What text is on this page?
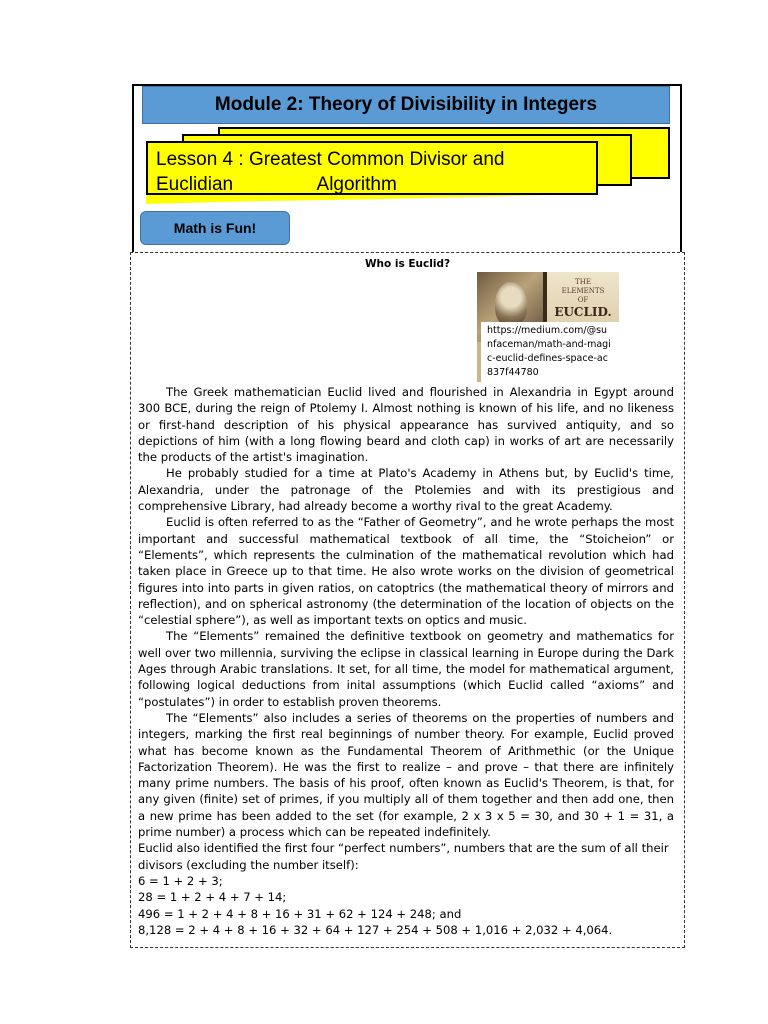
Module 2: Theory of Divisibility in Integers
Lesson 4 : Greatest Common Divisor and
Euclidian                Algorithm
Math is Fun!
Who is Euclid?
THE
ELEMENTS
OF
EUCLID.
https://medium.com/@sunfaceman/math-and-magic-euclid-defines-space-ac837f44780

The Greek mathematician Euclid lived and flourished in Alexandria in Egypt around 300 BCE, during the reign of Ptolemy I. Almost nothing is known of his life, and no likeness or first-hand description of his physical appearance has survived antiquity, and so depictions of him (with a long flowing beard and cloth cap) in works of art are necessarily the products of the artist's imagination.

He probably studied for a time at Plato's Academy in Athens but, by Euclid's time, Alexandria, under the patronage of the Ptolemies and with its prestigious and comprehensive Library, had already become a worthy rival to the great Academy.

Euclid is often referred to as the “Father of Geometry”, and he wrote perhaps the most important and successful mathematical textbook of all time, the “Stoicheion” or “Elements”, which represents the culmination of the mathematical revolution which had taken place in Greece up to that time. He also wrote works on the division of geometrical figures into into parts in given ratios, on catoptrics (the mathematical theory of mirrors and reflection), and on spherical astronomy (the determination of the location of objects on the “celestial sphere”), as well as important texts on optics and music.

The “Elements” remained the definitive textbook on geometry and mathematics for well over two millennia, surviving the eclipse in classical learning in Europe during the Dark Ages through Arabic translations. It set, for all time, the model for mathematical argument, following logical deductions from inital assumptions (which Euclid called “axioms” and “postulates”) in order to establish proven theorems.

The “Elements” also includes a series of theorems on the properties of numbers and integers, marking the first real beginnings of number theory. For example, Euclid proved what has become known as the Fundamental Theorem of Arithmethic (or the Unique Factorization Theorem). He was the first to realize – and prove – that there are infinitely many prime numbers. The basis of his proof, often known as Euclid's Theorem, is that, for any given (finite) set of primes, if you multiply all of them together and then add one, then a new prime has been added to the set (for example, 2 x 3 x 5 = 30, and 30 + 1 = 31, a prime number) a process which can be repeated indefinitely.

Euclid also identified the first four “perfect numbers”, numbers that are the sum of all their divisors (excluding the number itself):

6 = 1 + 2 + 3;

28 = 1 + 2 + 4 + 7 + 14;

496 = 1 + 2 + 4 + 8 + 16 + 31 + 62 + 124 + 248; and

8,128 = 2 + 4 + 8 + 16 + 32 + 64 + 127 + 254 + 508 + 1,016 + 2,032 + 4,064.
